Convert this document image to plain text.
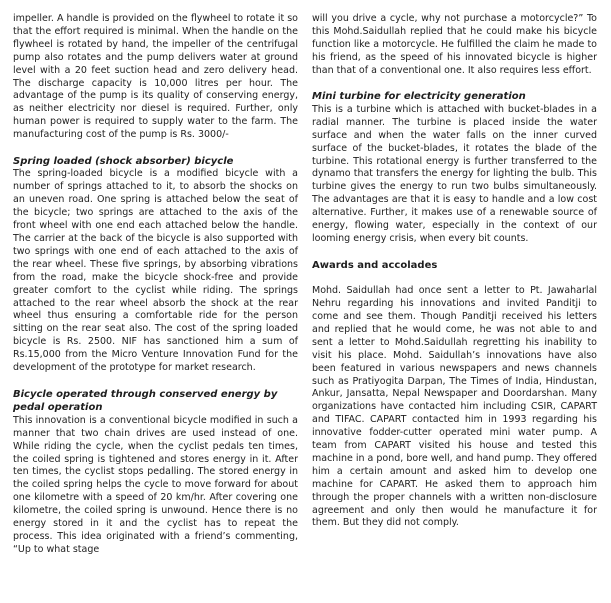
impeller. A handle is provided on the flywheel to rotate it so that the effort required is minimal. When the handle on the flywheel is rotated by hand, the impeller of the centrifugal pump also rotates and the pump delivers water at ground level with a 20 feet suction head and zero delivery head. The discharge capacity is 10,000 litres per hour. The advantage of the pump is its quality of conserving energy, as neither electricity nor diesel is required. Further, only human power is required to supply water to the farm. The manufacturing cost of the pump is Rs. 3000/-

Spring loaded (shock absorber) bicycle

The spring-loaded bicycle is a modified bicycle with a number of springs attached to it, to absorb the shocks on an uneven road. One spring is attached below the seat of the bicycle; two springs are attached to the axis of the front wheel with one end each attached below the handle. The carrier at the back of the bicycle is also supported with two springs with one end of each attached to the axis of the rear wheel. These five springs, by absorbing vibrations from the road, make the bicycle shock-free and provide greater comfort to the cyclist while riding. The springs attached to the rear wheel absorb the shock at the rear wheel thus ensuring a comfortable ride for the person sitting on the rear seat also. The cost of the spring loaded bicycle is Rs. 2500. NIF has sanctioned him a sum of Rs.15,000 from the Micro Venture Innovation Fund for the development of the prototype for market research.

Bicycle operated through conserved energy by pedal operation

This innovation is a conventional bicycle modified in such a manner that two chain drives are used instead of one. While riding the cycle, when the cyclist pedals ten times, the coiled spring is tightened and stores energy in it. After ten times, the cyclist stops pedalling. The stored energy in the coiled spring helps the cycle to move forward for about one kilometre with a speed of 20 km/hr. After covering one kilometre, the coiled spring is unwound. Hence there is no energy stored in it and the cyclist has to repeat the process. This idea originated with a friend’s commenting, “Up to what stage

will you drive a cycle, why not purchase a motorcycle?” To this Mohd.Saidullah replied that he could make his bicycle function like a motorcycle. He fulfilled the claim he made to his friend, as the speed of his innovated bicycle is higher than that of a conventional one. It also requires less effort.

Mini turbine for electricity generation

This is a turbine which is attached with bucket-blades in a radial manner. The turbine is placed inside the water surface and when the water falls on the inner curved surface of the bucket-blades, it rotates the blade of the turbine. This rotational energy is further transferred to the dynamo that transfers the energy for lighting the bulb. This turbine gives the energy to run two bulbs simultaneously. The advantages are that it is easy to handle and a low cost alternative. Further, it makes use of a renewable source of energy, flowing water, especially in the context of our looming energy crisis, when every bit counts.

Awards and accolades

Mohd. Saidullah had once sent a letter to Pt. Jawaharlal Nehru regarding his innovations and invited Panditji to come and see them. Though Panditji received his letters and replied that he would come, he was not able to and sent a letter to Mohd.Saidullah regretting his inability to visit his place. Mohd. Saidullah’s innovations have also been featured in various newspapers and news channels such as Pratiyogita Darpan, The Times of India, Hindustan, Ankur, Jansatta, Nepal Newspaper and Doordarshan. Many organizations have contacted him including CSIR, CAPART and TIFAC. CAPART contacted him in 1993 regarding his innovative fodder-cutter operated mini water pump. A team from CAPART visited his house and tested this machine in a pond, bore well, and hand pump. They offered him a certain amount and asked him to develop one machine for CAPART. He asked them to approach him through the proper channels with a written non-disclosure agreement and only then would he manufacture it for them. But they did not comply.
